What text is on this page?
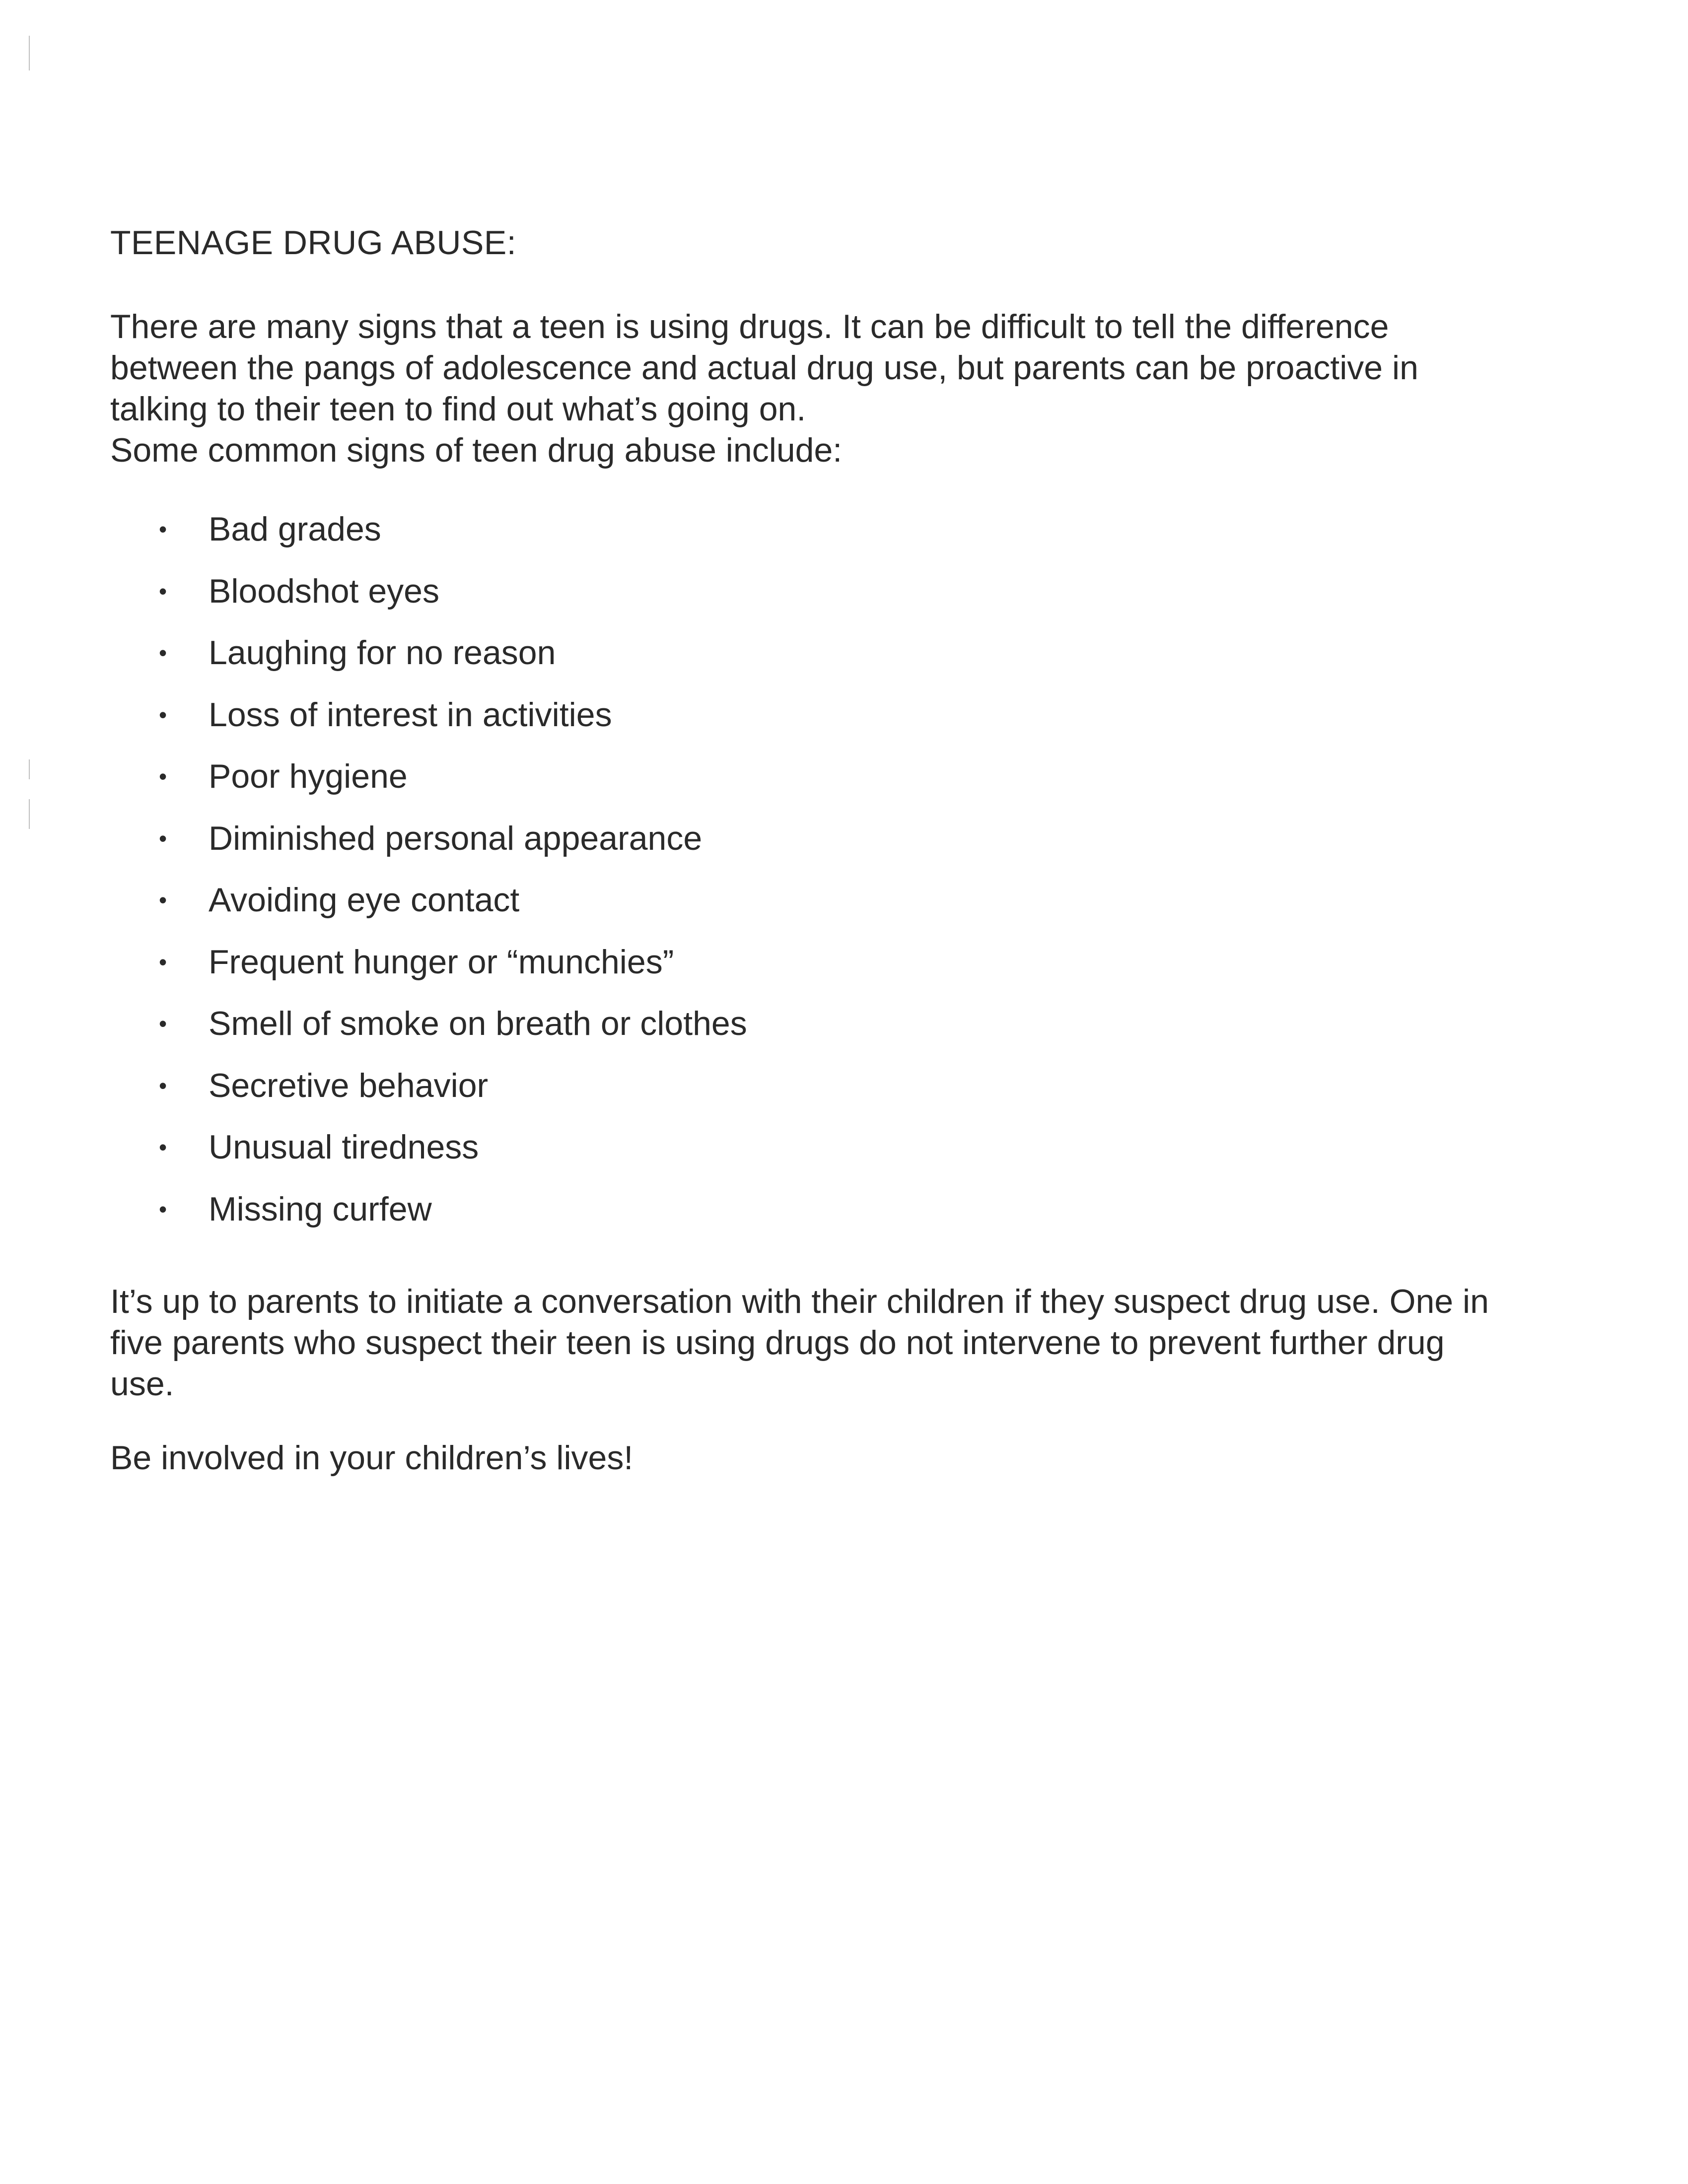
TEENAGE DRUG ABUSE:
There are many signs that a teen is using drugs. It can be difficult to tell the difference
between the pangs of adolescence and actual drug use, but parents can be proactive in
talking to their teen to find out what’s going on.
Some common signs of teen drug abuse include:
• Bad grades
• Bloodshot eyes
• Laughing for no reason
• Loss of interest in activities
• Poor hygiene
• Diminished personal appearance
• Avoiding eye contact
• Frequent hunger or “munchies”
• Smell of smoke on breath or clothes
• Secretive behavior
• Unusual tiredness
• Missing curfew
It’s up to parents to initiate a conversation with their children if they suspect drug use. One in
five parents who suspect their teen is using drugs do not intervene to prevent further drug
use.
Be involved in your children’s lives!
